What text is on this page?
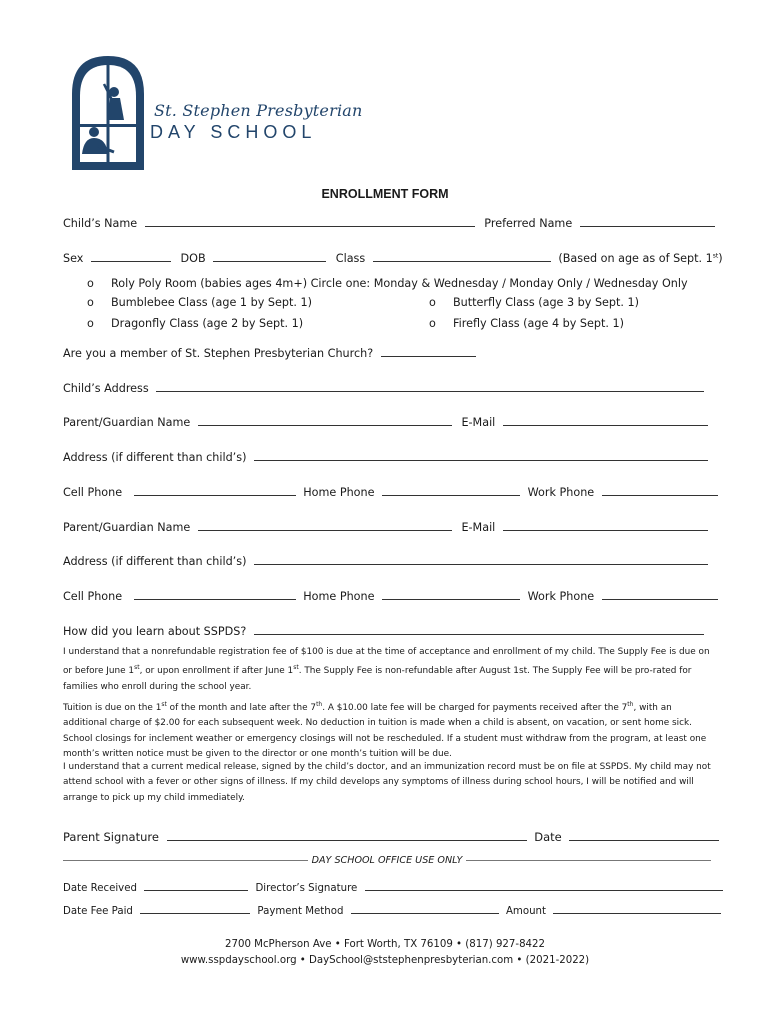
St. Stephen Presbyterian
DAY SCHOOL
ENROLLMENT FORM
Child’s Name	Preferred Name
Sex	DOB	Class	(Based on age as of Sept. 1st)
o Roly Poly Room (babies ages 4m+) Circle one: Monday & Wednesday / Monday Only / Wednesday Only
o Bumblebee Class (age 1 by Sept. 1)	o Butterfly Class (age 3 by Sept. 1)
o Dragonfly Class (age 2 by Sept. 1)	o Firefly Class (age 4 by Sept. 1)
Are you a member of St. Stephen Presbyterian Church?
Child’s Address
Parent/Guardian Name	E-Mail
Address (if different than child’s)
Cell Phone	Home Phone	Work Phone
Parent/Guardian Name	E-Mail
Address (if different than child’s)
Cell Phone	Home Phone	Work Phone
How did you learn about SSPDS?
I understand that a nonrefundable registration fee of $100 is due at the time of acceptance and enrollment of my child. The Supply Fee is due on or before June 1st, or upon enrollment if after June 1st. The Supply Fee is non-refundable after August 1st. The Supply Fee will be pro-rated for families who enroll during the school year.
Tuition is due on the 1st of the month and late after the 7th. A $10.00 late fee will be charged for payments received after the 7th, with an additional charge of $2.00 for each subsequent week. No deduction in tuition is made when a child is absent, on vacation, or sent home sick. School closings for inclement weather or emergency closings will not be rescheduled. If a student must withdraw from the program, at least one month’s written notice must be given to the director or one month’s tuition will be due.
I understand that a current medical release, signed by the child’s doctor, and an immunization record must be on file at SSPDS. My child may not attend school with a fever or other signs of illness. If my child develops any symptoms of illness during school hours, I will be notified and will arrange to pick up my child immediately.
Parent Signature	Date
DAY SCHOOL OFFICE USE ONLY
Date Received	Director’s Signature
Date Fee Paid	Payment Method	Amount
2700 McPherson Ave • Fort Worth, TX 76109 • (817) 927-8422
www.sspdayschool.org • DaySchool@ststephenpresbyterian.com • (2021-2022)
